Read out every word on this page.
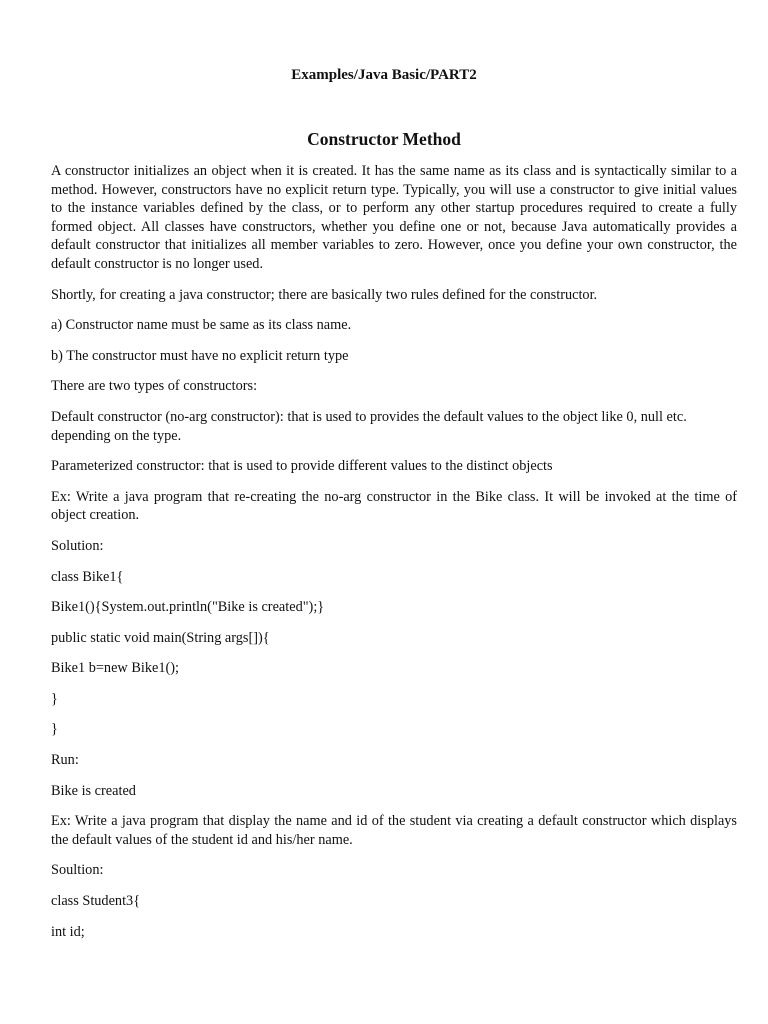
Examples/Java Basic/PART2
Constructor Method

A constructor initializes an object when it is created. It has the same name as its class and is syntactically similar to a method. However, constructors have no explicit return type. Typically, you will use a constructor to give initial values to the instance variables defined by the class, or to perform any other startup procedures required to create a fully formed object. All classes have constructors, whether you define one or not, because Java automatically provides a default constructor that initializes all member variables to zero. However, once you define your own constructor, the default constructor is no longer used.

Shortly, for creating a java constructor; there are basically two rules defined for the constructor.

a) Constructor name must be same as its class name.

b) The constructor must have no explicit return type

There are two types of constructors:

Default constructor (no-arg constructor): that is used to provides the default values to the object like 0, null etc. depending on the type.

Parameterized constructor: that is used to provide different values to the distinct objects

Ex: Write a java program that re-creating the no-arg constructor in the Bike class. It will be invoked at the time of object creation.

Solution:

class Bike1{

Bike1(){System.out.println("Bike is created");}

public static void main(String args[]){

Bike1 b=new Bike1();

}

}

Run:

Bike is created

Ex: Write a java program that display the name and id of the student via creating a default constructor which displays the default values of the student id and his/her name.

Soultion:

class Student3{

int id;
